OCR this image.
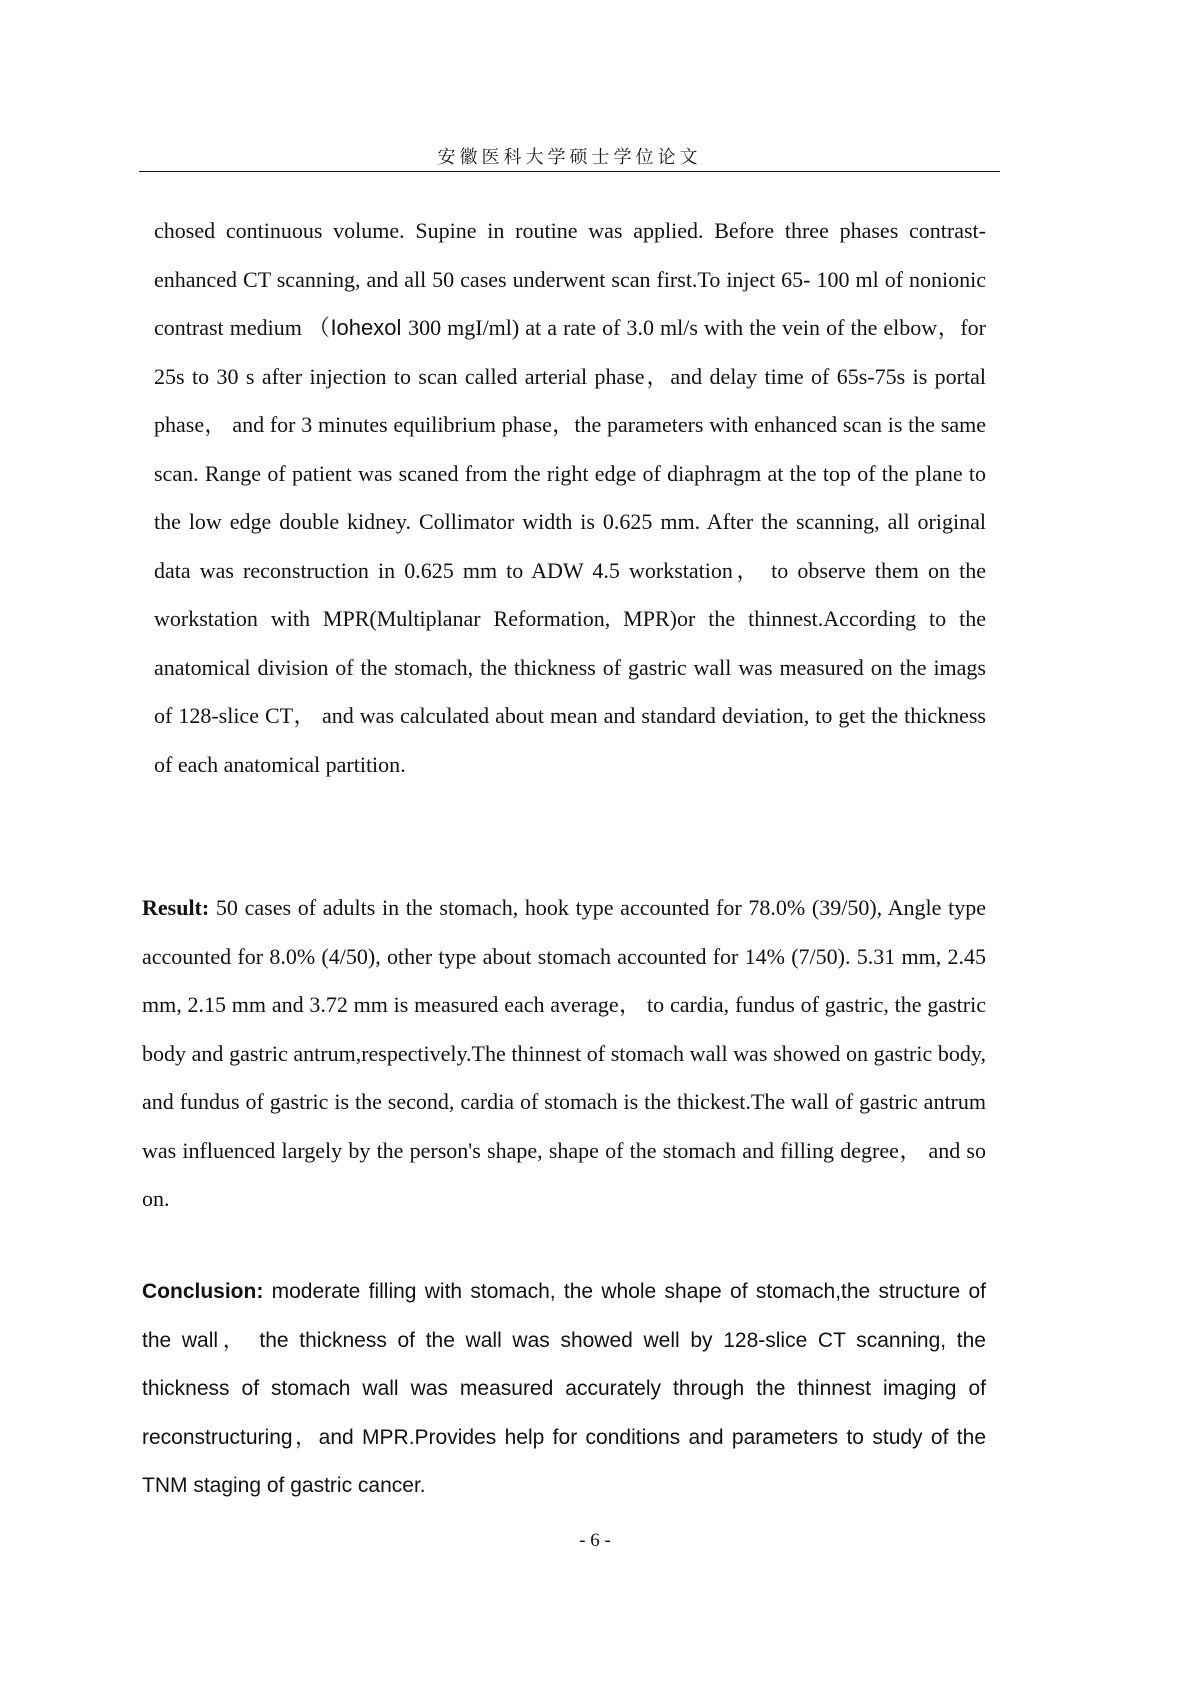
安徽医科大学硕士学位论文

chosed continuous volume. Supine in routine was applied. Before three phases contrast-enhanced CT scanning, and all 50 cases underwent scan first.To inject 65- 100 ml of nonionic contrast medium （Iohexol 300 mgI/ml) at a rate of 3.0 ml/s with the vein of the elbow，for 25s to 30 s after injection to scan called arterial phase，and delay time of 65s-75s is portal phase， and for 3 minutes equilibrium phase，the parameters with enhanced scan is the same scan. Range of patient was scaned from the right edge of diaphragm at the top of the plane to the low edge double kidney. Collimator width is 0.625 mm. After the scanning, all original data was reconstruction in 0.625 mm to ADW 4.5 workstation， to observe them on the workstation with MPR(Multiplanar Reformation, MPR)or the thinnest.According to the anatomical division of the stomach, the thickness of gastric wall was measured on the imags of 128-slice CT， and was calculated about mean and standard deviation, to get the thickness of each anatomical partition.

Result: 50 cases of adults in the stomach, hook type accounted for 78.0% (39/50), Angle type accounted for 8.0% (4/50), other type about stomach accounted for 14% (7/50). 5.31 mm, 2.45 mm, 2.15 mm and 3.72 mm is measured each average， to cardia, fundus of gastric, the gastric body and gastric antrum,respectively.The thinnest of stomach wall was showed on gastric body, and fundus of gastric is the second, cardia of stomach is the thickest.The wall of gastric antrum was influenced largely by the person's shape, shape of the stomach and filling degree， and so on.

Conclusion: moderate filling with stomach, the whole shape of stomach,the structure of the wall， the thickness of the wall was showed well by 128-slice CT scanning, the thickness of stomach wall was measured accurately through the thinnest imaging of reconstructuring，and MPR.Provides help for conditions and parameters to study of the TNM staging of gastric cancer.

- 6 -
